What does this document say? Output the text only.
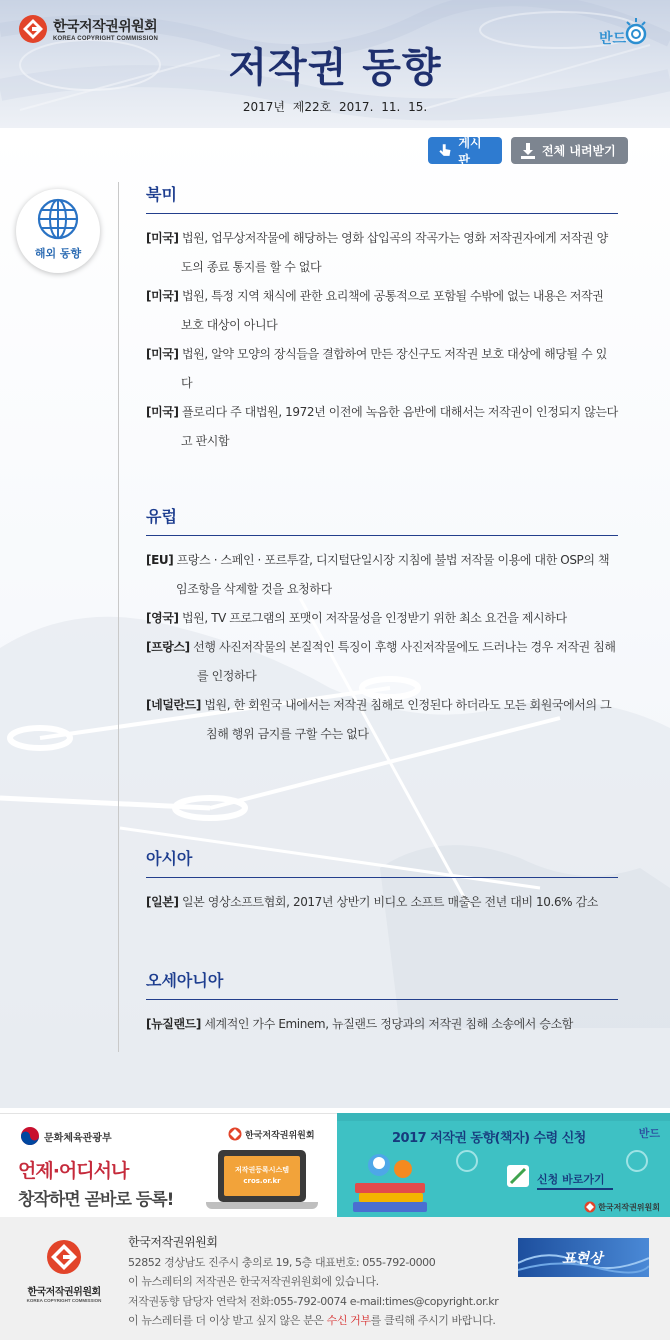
한국저작권위원회
KOREA COPYRIGHT COMMISSION
저작권 동향
2017년 제22호 2017. 11. 15.
반드
게시판
전체 내려받기
해외 동향
북미
[미국] 법원, 업무상저작물에 해당하는 영화 삽입곡의 작곡가는 영화 저작권자에게 저작권 양도의 종료 통지를 할 수 없다
[미국] 법원, 특정 지역 채식에 관한 요리책에 공통적으로 포함될 수밖에 없는 내용은 저작권 보호 대상이 아니다
[미국] 법원, 알약 모양의 장식들을 결합하여 만든 장신구도 저작권 보호 대상에 해당될 수 있다
[미국] 플로리다 주 대법원, 1972년 이전에 녹음한 음반에 대해서는 저작권이 인정되지 않는다고 판시함
유럽
[EU] 프랑스 · 스페인 · 포르투갈, 디지털단일시장 지침에 불법 저작물 이용에 대한 OSP의 책임조항을 삭제할 것을 요청하다
[영국] 법원, TV 프로그램의 포맷이 저작물성을 인정받기 위한 최소 요건을 제시하다
[프랑스] 선행 사진저작물의 본질적인 특징이 후행 사진저작물에도 드러나는 경우 저작권 침해를 인정하다
[네덜란드] 법원, 한 회원국 내에서는 저작권 침해로 인정된다 하더라도 모든 회원국에서의 그 침해 행위 금지를 구할 수는 없다
아시아
[일본] 일본 영상소프트협회, 2017년 상반기 비디오 소프트 매출은 전년 대비 10.6% 감소
오세아니아
[뉴질랜드] 세계적인 가수 Eminem, 뉴질랜드 정당과의 저작권 침해 소송에서 승소함
문화체육관광부	한국저작권위원회
언제·어디서나
창작하면 곧바로 등록!
저작권등록시스템
cros.or.kr
2017 저작권 동향(책자) 수령 신청	반드
신청 바로가기
한국저작권위원회
한국저작권위원회
KOREA COPYRIGHT COMMISSION
한국저작권위원회
52852 경상남도 진주시 충의로 19, 5층 대표번호: 055-792-0000
이 뉴스레터의 저작권은 한국저작권위원회에 있습니다.
저작권동향 담당자 연락처 전화:055-792-0074 e-mail:times@copyright.or.kr
이 뉴스레터를 더 이상 받고 싶지 않은 분은 수신 거부를 클릭해 주시기 바랍니다.
표현상
